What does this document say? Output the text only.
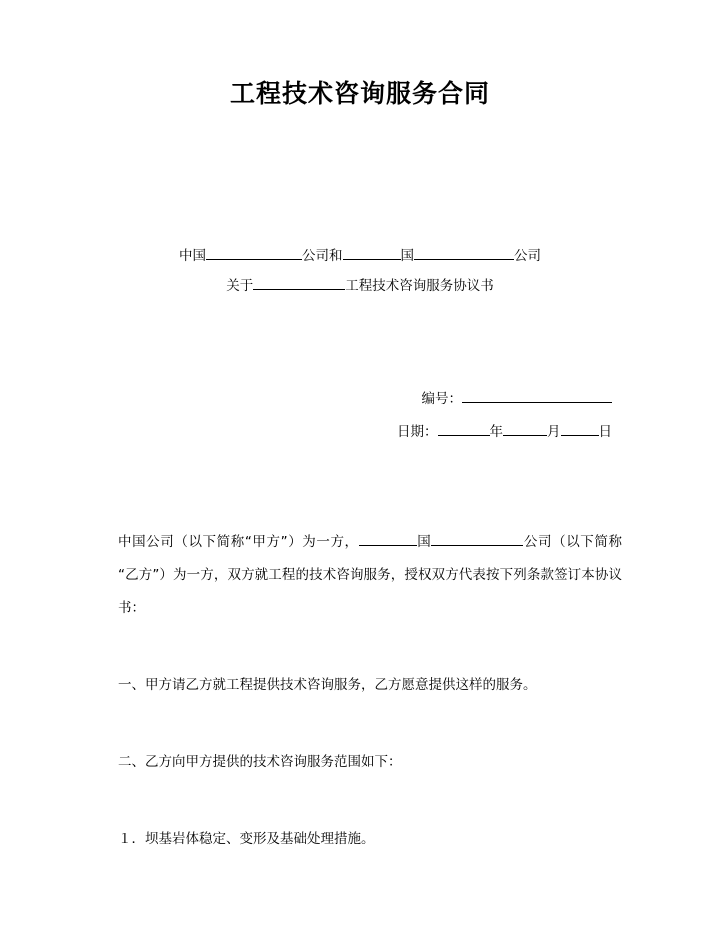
工程技术咨询服务合同
中国	公司和	国	公司
关于	工程技术咨询服务协议书
编号：
日期：	年	月	日

中国公司（以下简称“甲方”）为一方，	国	公司（以下简称“乙方”）为一方，双方就工程的技术咨询服务，授权双方代表按下列条款签订本协议书：

一、甲方请乙方就工程提供技术咨询服务，乙方愿意提供这样的服务。

二、乙方向甲方提供的技术咨询服务范围如下：

１．坝基岩体稳定、变形及基础处理措施。
